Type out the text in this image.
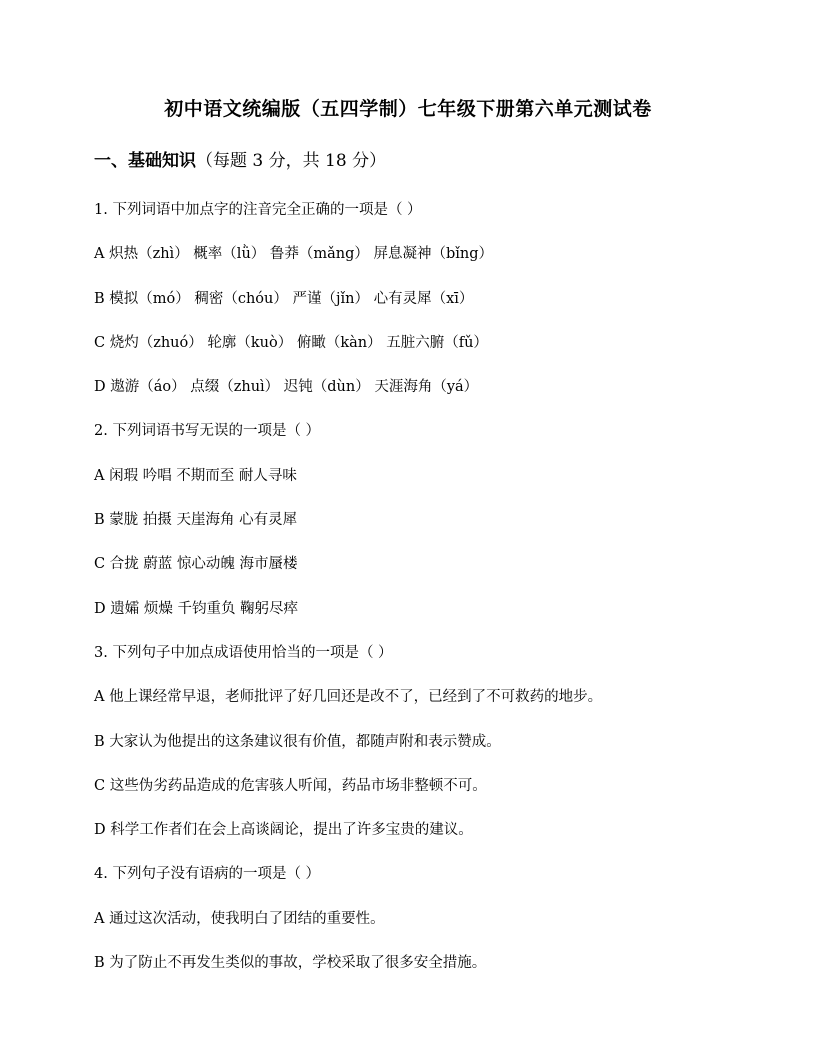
初中语文统编版（五四学制）七年级下册第六单元测试卷
一、基础知识（每题 3 分，共 18 分）
1. 下列词语中加点字的注音完全正确的一项是（ ）
A 炽热（zhì） 概率（lǜ） 鲁莽（mǎng） 屏息凝神（bǐng）
B 模拟（mó） 稠密（chóu） 严谨（jǐn） 心有灵犀（xī）
C 烧灼（zhuó） 轮廓（kuò） 俯瞰（kàn） 五脏六腑（fǔ）
D 遨游（áo） 点缀（zhuì） 迟钝（dùn） 天涯海角（yá）
2. 下列词语书写无误的一项是（ ）
A 闲瑕 吟唱 不期而至 耐人寻味
B 蒙胧 拍摄 天崖海角 心有灵犀
C 合拢 蔚蓝 惊心动魄 海市蜃楼
D 遗孀 烦燥 千钧重负 鞠躬尽瘁
3. 下列句子中加点成语使用恰当的一项是（ ）
A 他上课经常早退，老师批评了好几回还是改不了，已经到了不可救药的地步。
B 大家认为他提出的这条建议很有价值，都随声附和表示赞成。
C 这些伪劣药品造成的危害骇人听闻，药品市场非整顿不可。
D 科学工作者们在会上高谈阔论，提出了许多宝贵的建议。
4. 下列句子没有语病的一项是（ ）
A 通过这次活动，使我明白了团结的重要性。
B 为了防止不再发生类似的事故，学校采取了很多安全措施。
